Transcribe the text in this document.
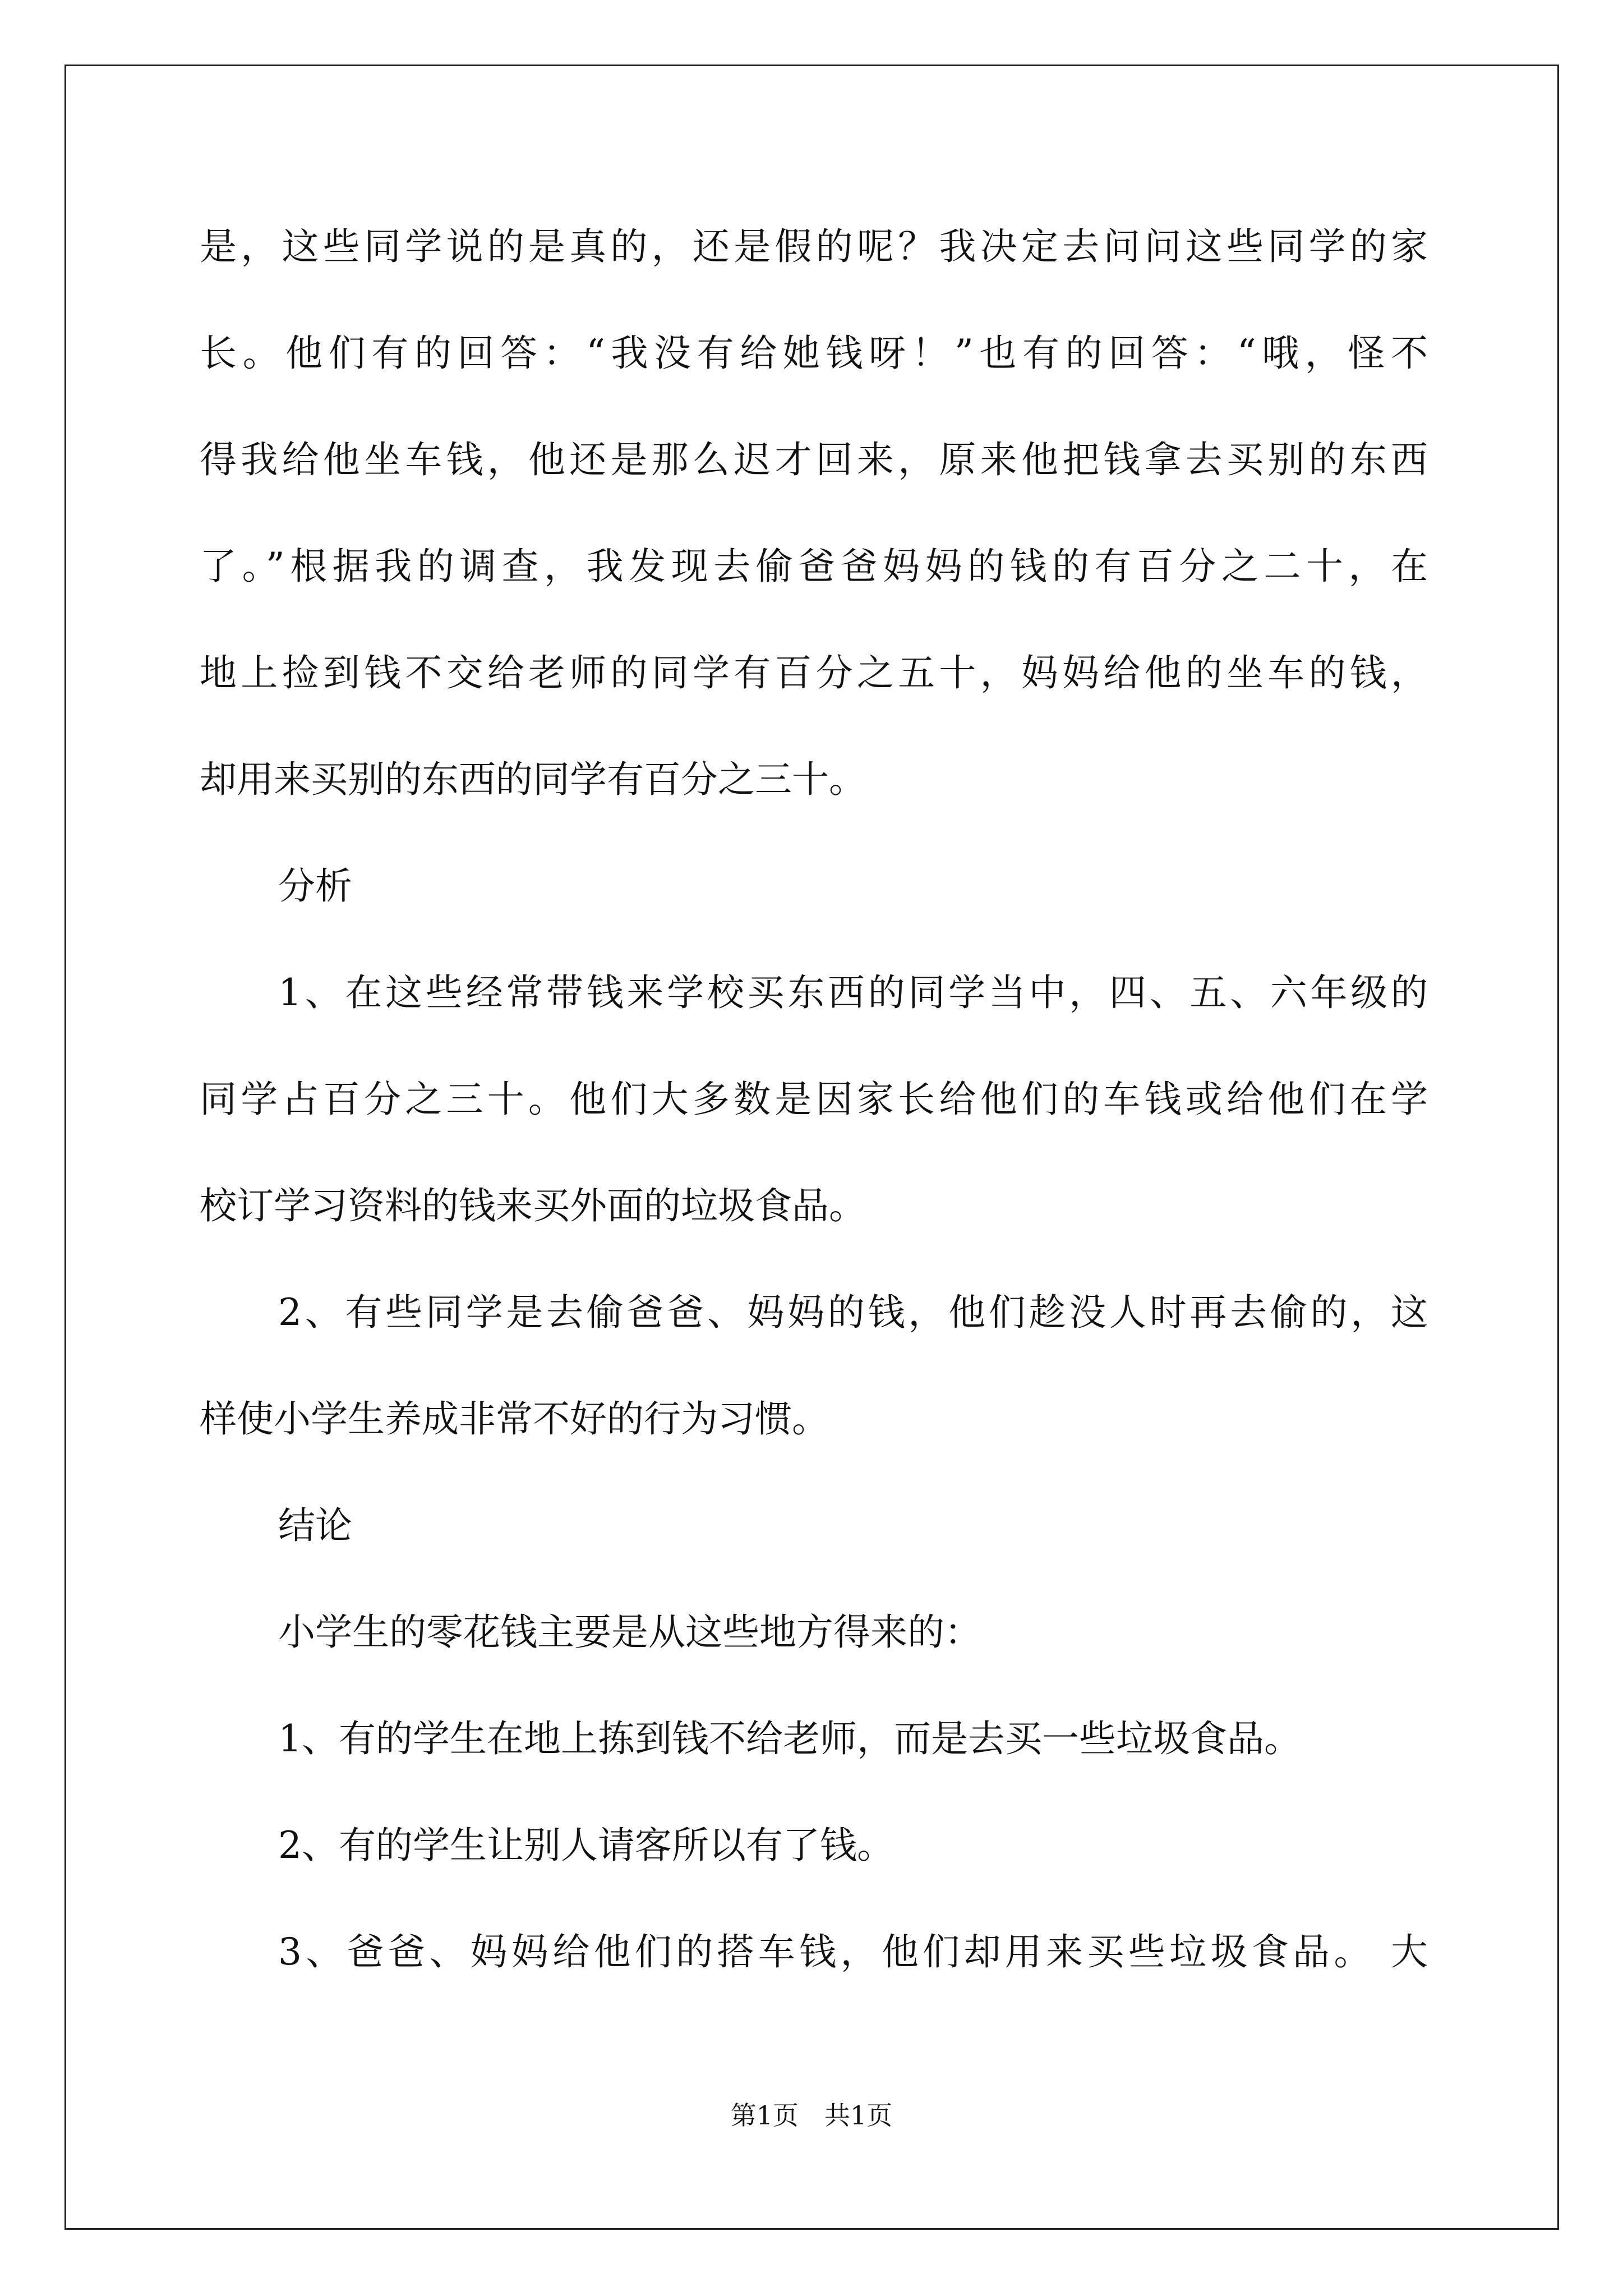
是，这些同学说的是真的，还是假的呢？我决定去问问这些同学的家

长。他们有的回答：“我没有给她钱呀！”也有的回答：“哦，怪不

得我给他坐车钱，他还是那么迟才回来，原来他把钱拿去买别的东西

了。”根据我的调查，我发现去偷爸爸妈妈的钱的有百分之二十，在

地上捡到钱不交给老师的同学有百分之五十，妈妈给他的坐车的钱，

却用来买别的东西的同学有百分之三十。

分析

1、在这些经常带钱来学校买东西的同学当中，四、五、六年级的

同学占百分之三十。他们大多数是因家长给他们的车钱或给他们在学

校订学习资料的钱来买外面的垃圾食品。

2、有些同学是去偷爸爸、妈妈的钱，他们趁没人时再去偷的，这

样使小学生养成非常不好的行为习惯。

结论

小学生的零花钱主要是从这些地方得来的：

1、有的学生在地上拣到钱不给老师，而是去买一些垃圾食品。

2、有的学生让别人请客所以有了钱。

3、爸爸、妈妈给他们的搭车钱，他们却用来买些垃圾食品。 大

第1页　共1页
